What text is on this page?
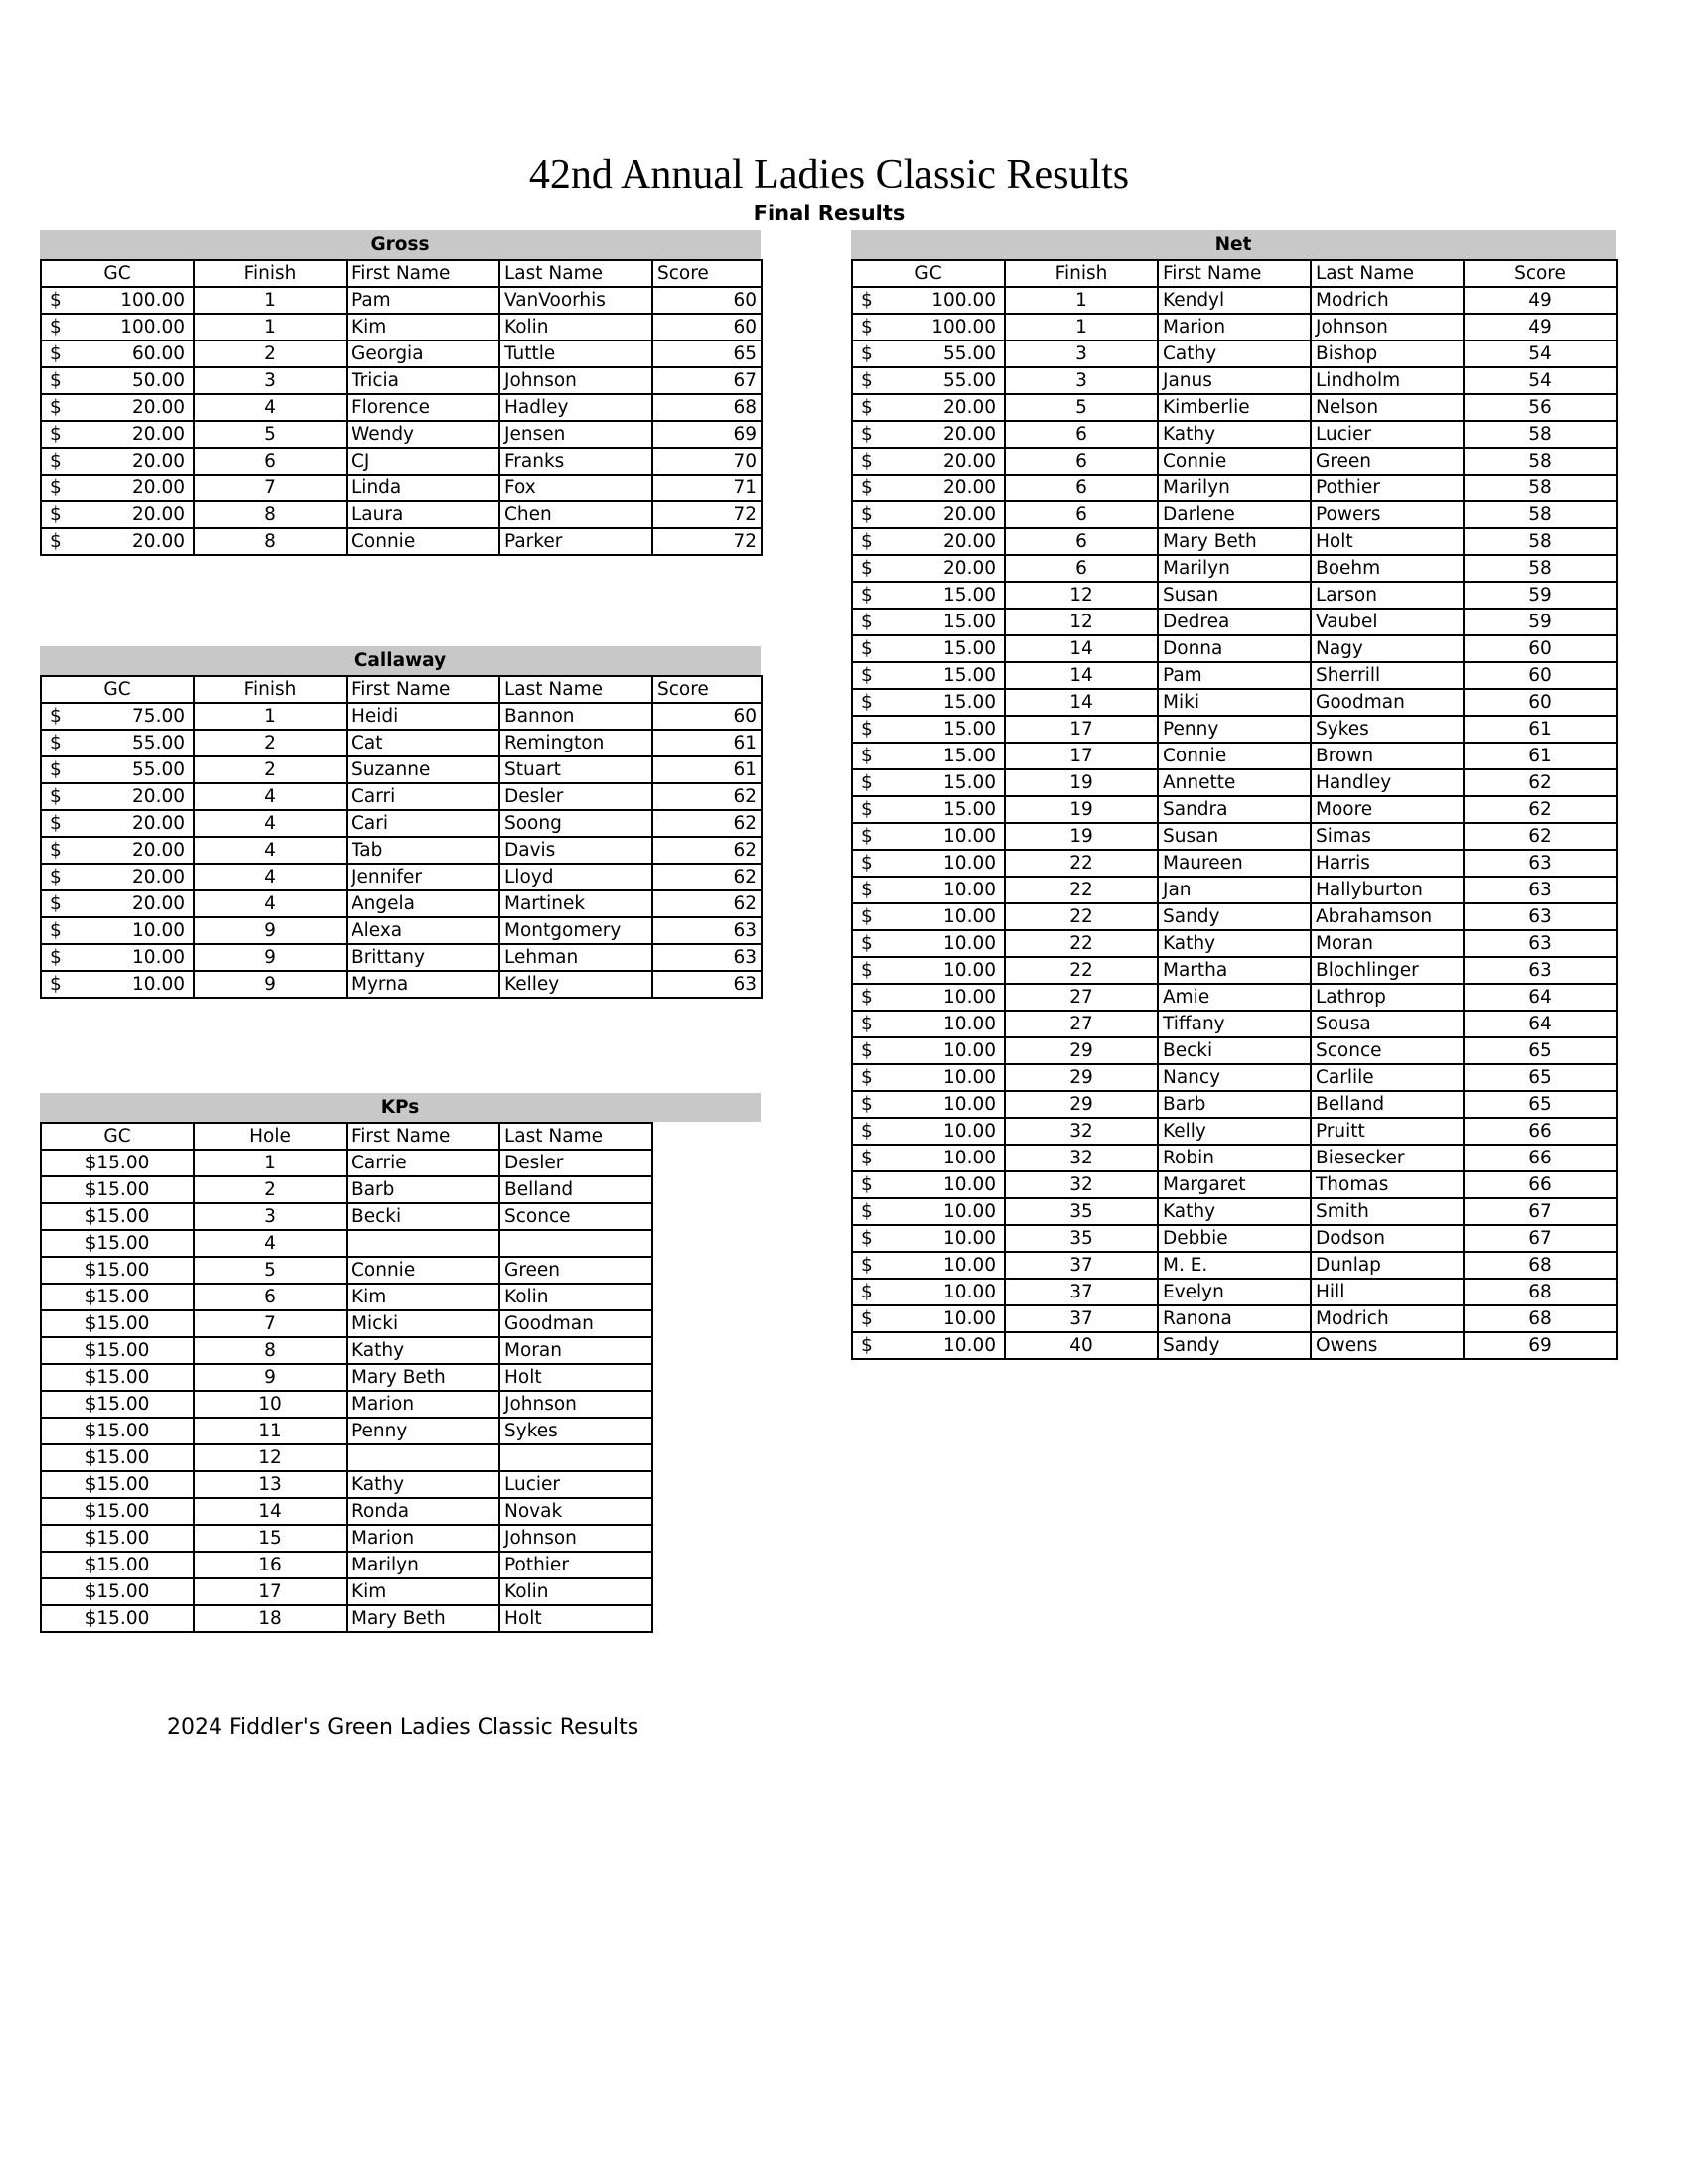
42nd Annual Ladies Classic Results
Final Results
Gross
GC	Finish	First Name	Last Name	Score

$ 100.00	1	Pam	VanVoorhis	60

$ 100.00	1	Kim	Kolin	60

$ 60.00	2	Georgia	Tuttle	65

$ 50.00	3	Tricia	Johnson	67

$ 20.00	4	Florence	Hadley	68

$ 20.00	5	Wendy	Jensen	69

$ 20.00	6	CJ	Franks	70

$ 20.00	7	Linda	Fox	71

$ 20.00	8	Laura	Chen	72

$ 20.00	8	Connie	Parker	72
Callaway
GC	Finish	First Name	Last Name	Score

$ 75.00	1	Heidi	Bannon	60

$ 55.00	2	Cat	Remington	61

$ 55.00	2	Suzanne	Stuart	61

$ 20.00	4	Carri	Desler	62

$ 20.00	4	Cari	Soong	62

$ 20.00	4	Tab	Davis	62

$ 20.00	4	Jennifer	Lloyd	62

$ 20.00	4	Angela	Martinek	62

$ 10.00	9	Alexa	Montgomery	63

$ 10.00	9	Brittany	Lehman	63

$ 10.00	9	Myrna	Kelley	63
KPs
GC	Hole	First Name	Last Name
$15.00	1	Carrie	Desler
$15.00	2	Barb	Belland
$15.00	3	Becki	Sconce
$15.00	4		
$15.00	5	Connie	Green
$15.00	6	Kim	Kolin
$15.00	7	Micki	Goodman
$15.00	8	Kathy	Moran
$15.00	9	Mary Beth	Holt
$15.00	10	Marion	Johnson
$15.00	11	Penny	Sykes
$15.00	12		
$15.00	13	Kathy	Lucier
$15.00	14	Ronda	Novak
$15.00	15	Marion	Johnson
$15.00	16	Marilyn	Pothier
$15.00	17	Kim	Kolin
$15.00	18	Mary Beth	Holt
Net
GC	Finish	First Name	Last Name	Score

$ 100.00	1	Kendyl	Modrich	49

$ 100.00	1	Marion	Johnson	49

$ 55.00	3	Cathy	Bishop	54

$ 55.00	3	Janus	Lindholm	54

$ 20.00	5	Kimberlie	Nelson	56

$ 20.00	6	Kathy	Lucier	58

$ 20.00	6	Connie	Green	58

$ 20.00	6	Marilyn	Pothier	58

$ 20.00	6	Darlene	Powers	58

$ 20.00	6	Mary Beth	Holt	58

$ 20.00	6	Marilyn	Boehm	58

$ 15.00	12	Susan	Larson	59

$ 15.00	12	Dedrea	Vaubel	59

$ 15.00	14	Donna	Nagy	60

$ 15.00	14	Pam	Sherrill	60

$ 15.00	14	Miki	Goodman	60

$ 15.00	17	Penny	Sykes	61

$ 15.00	17	Connie	Brown	61

$ 15.00	19	Annette	Handley	62

$ 15.00	19	Sandra	Moore	62

$ 10.00	19	Susan	Simas	62

$ 10.00	22	Maureen	Harris	63

$ 10.00	22	Jan	Hallyburton	63

$ 10.00	22	Sandy	Abrahamson	63

$ 10.00	22	Kathy	Moran	63

$ 10.00	22	Martha	Blochlinger	63

$ 10.00	27	Amie	Lathrop	64

$ 10.00	27	Tiffany	Sousa	64

$ 10.00	29	Becki	Sconce	65

$ 10.00	29	Nancy	Carlile	65

$ 10.00	29	Barb	Belland	65

$ 10.00	32	Kelly	Pruitt	66

$ 10.00	32	Robin	Biesecker	66

$ 10.00	32	Margaret	Thomas	66

$ 10.00	35	Kathy	Smith	67

$ 10.00	35	Debbie	Dodson	67

$ 10.00	37	M. E.	Dunlap	68

$ 10.00	37	Evelyn	Hill	68

$ 10.00	37	Ranona	Modrich	68

$ 10.00	40	Sandy	Owens	69
2024 Fiddler's Green Ladies Classic Results
